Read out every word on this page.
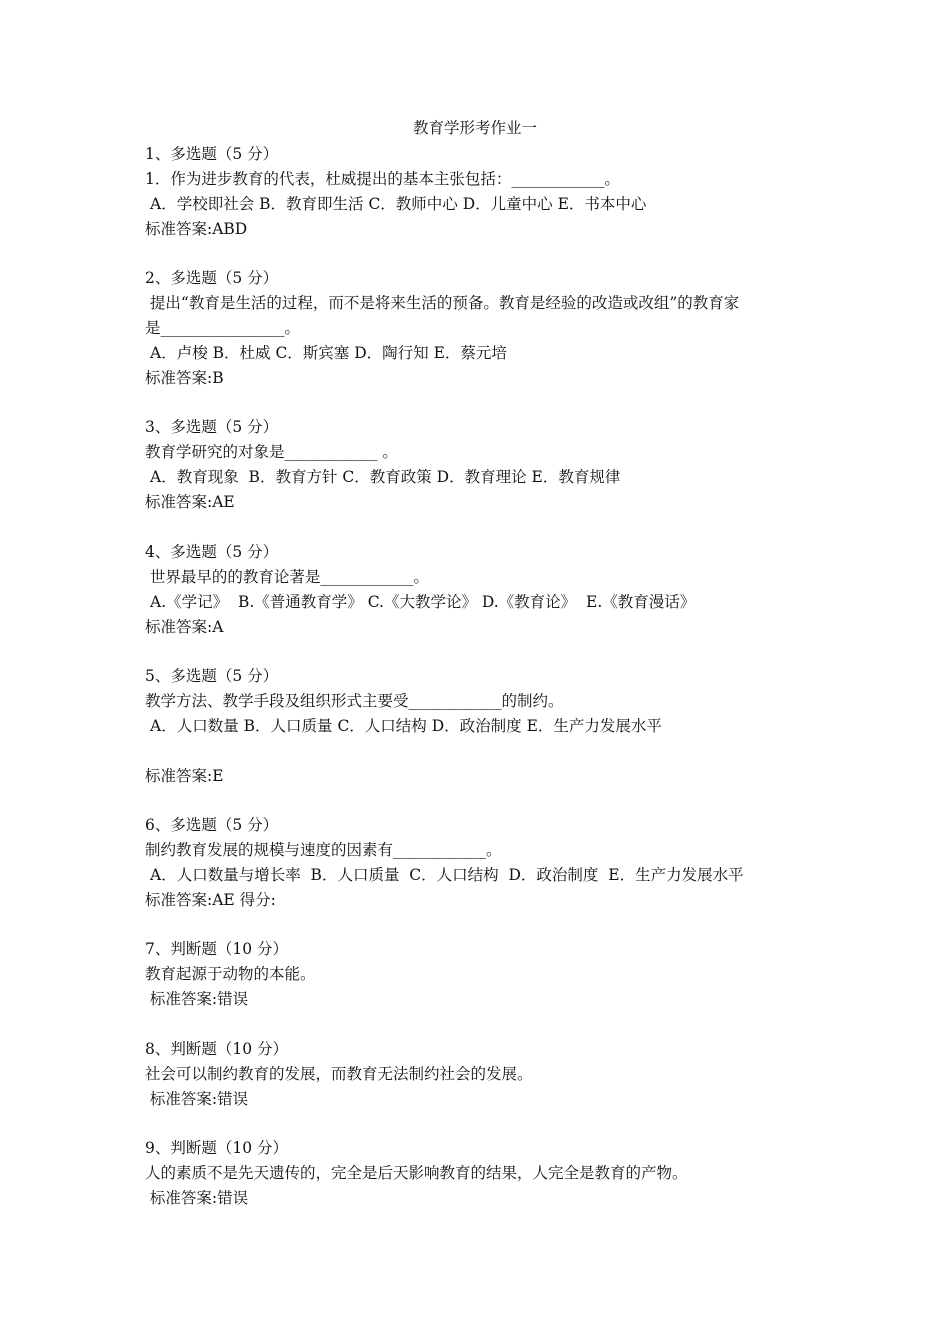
教育学形考作业一
1、多选题（5 分）
1．作为进步教育的代表，杜威提出的基本主张包括：____________。
A．学校即社会 B．教育即生活 C．教师中心 D．儿童中心 E．书本中心
标准答案:ABD
2、多选题（5 分）
提出“教育是生活的过程，而不是将来生活的预备。教育是经验的改造或改组”的教育家
是________________。
A．卢梭 B．杜威 C．斯宾塞 D．陶行知 E．蔡元培
标准答案:B
3、多选题（5 分）
教育学研究的对象是____________ 。
A．教育现象  B．教育方针 C．教育政策 D．教育理论 E．教育规律
标准答案:AE
4、多选题（5 分）
世界最早的的教育论著是____________。
A.《学记》  B.《普通教育学》 C.《大教学论》 D.《教育论》  E.《教育漫话》
标准答案:A
5、多选题（5 分）
教学方法、教学手段及组织形式主要受____________的制约。
A．人口数量 B．人口质量 C．人口结构 D．政治制度 E．生产力发展水平
标准答案:E
6、多选题（5 分）
制约教育发展的规模与速度的因素有____________。
A．人口数量与增长率  B．人口质量  C．人口结构  D．政治制度  E．生产力发展水平
标准答案:AE 得分:
7、判断题（10 分）
教育起源于动物的本能。
标准答案:错误
8、判断题（10 分）
社会可以制约教育的发展，而教育无法制约社会的发展。
标准答案:错误
9、判断题（10 分）
人的素质不是先天遗传的，完全是后天影响教育的结果，人完全是教育的产物。
标准答案:错误
